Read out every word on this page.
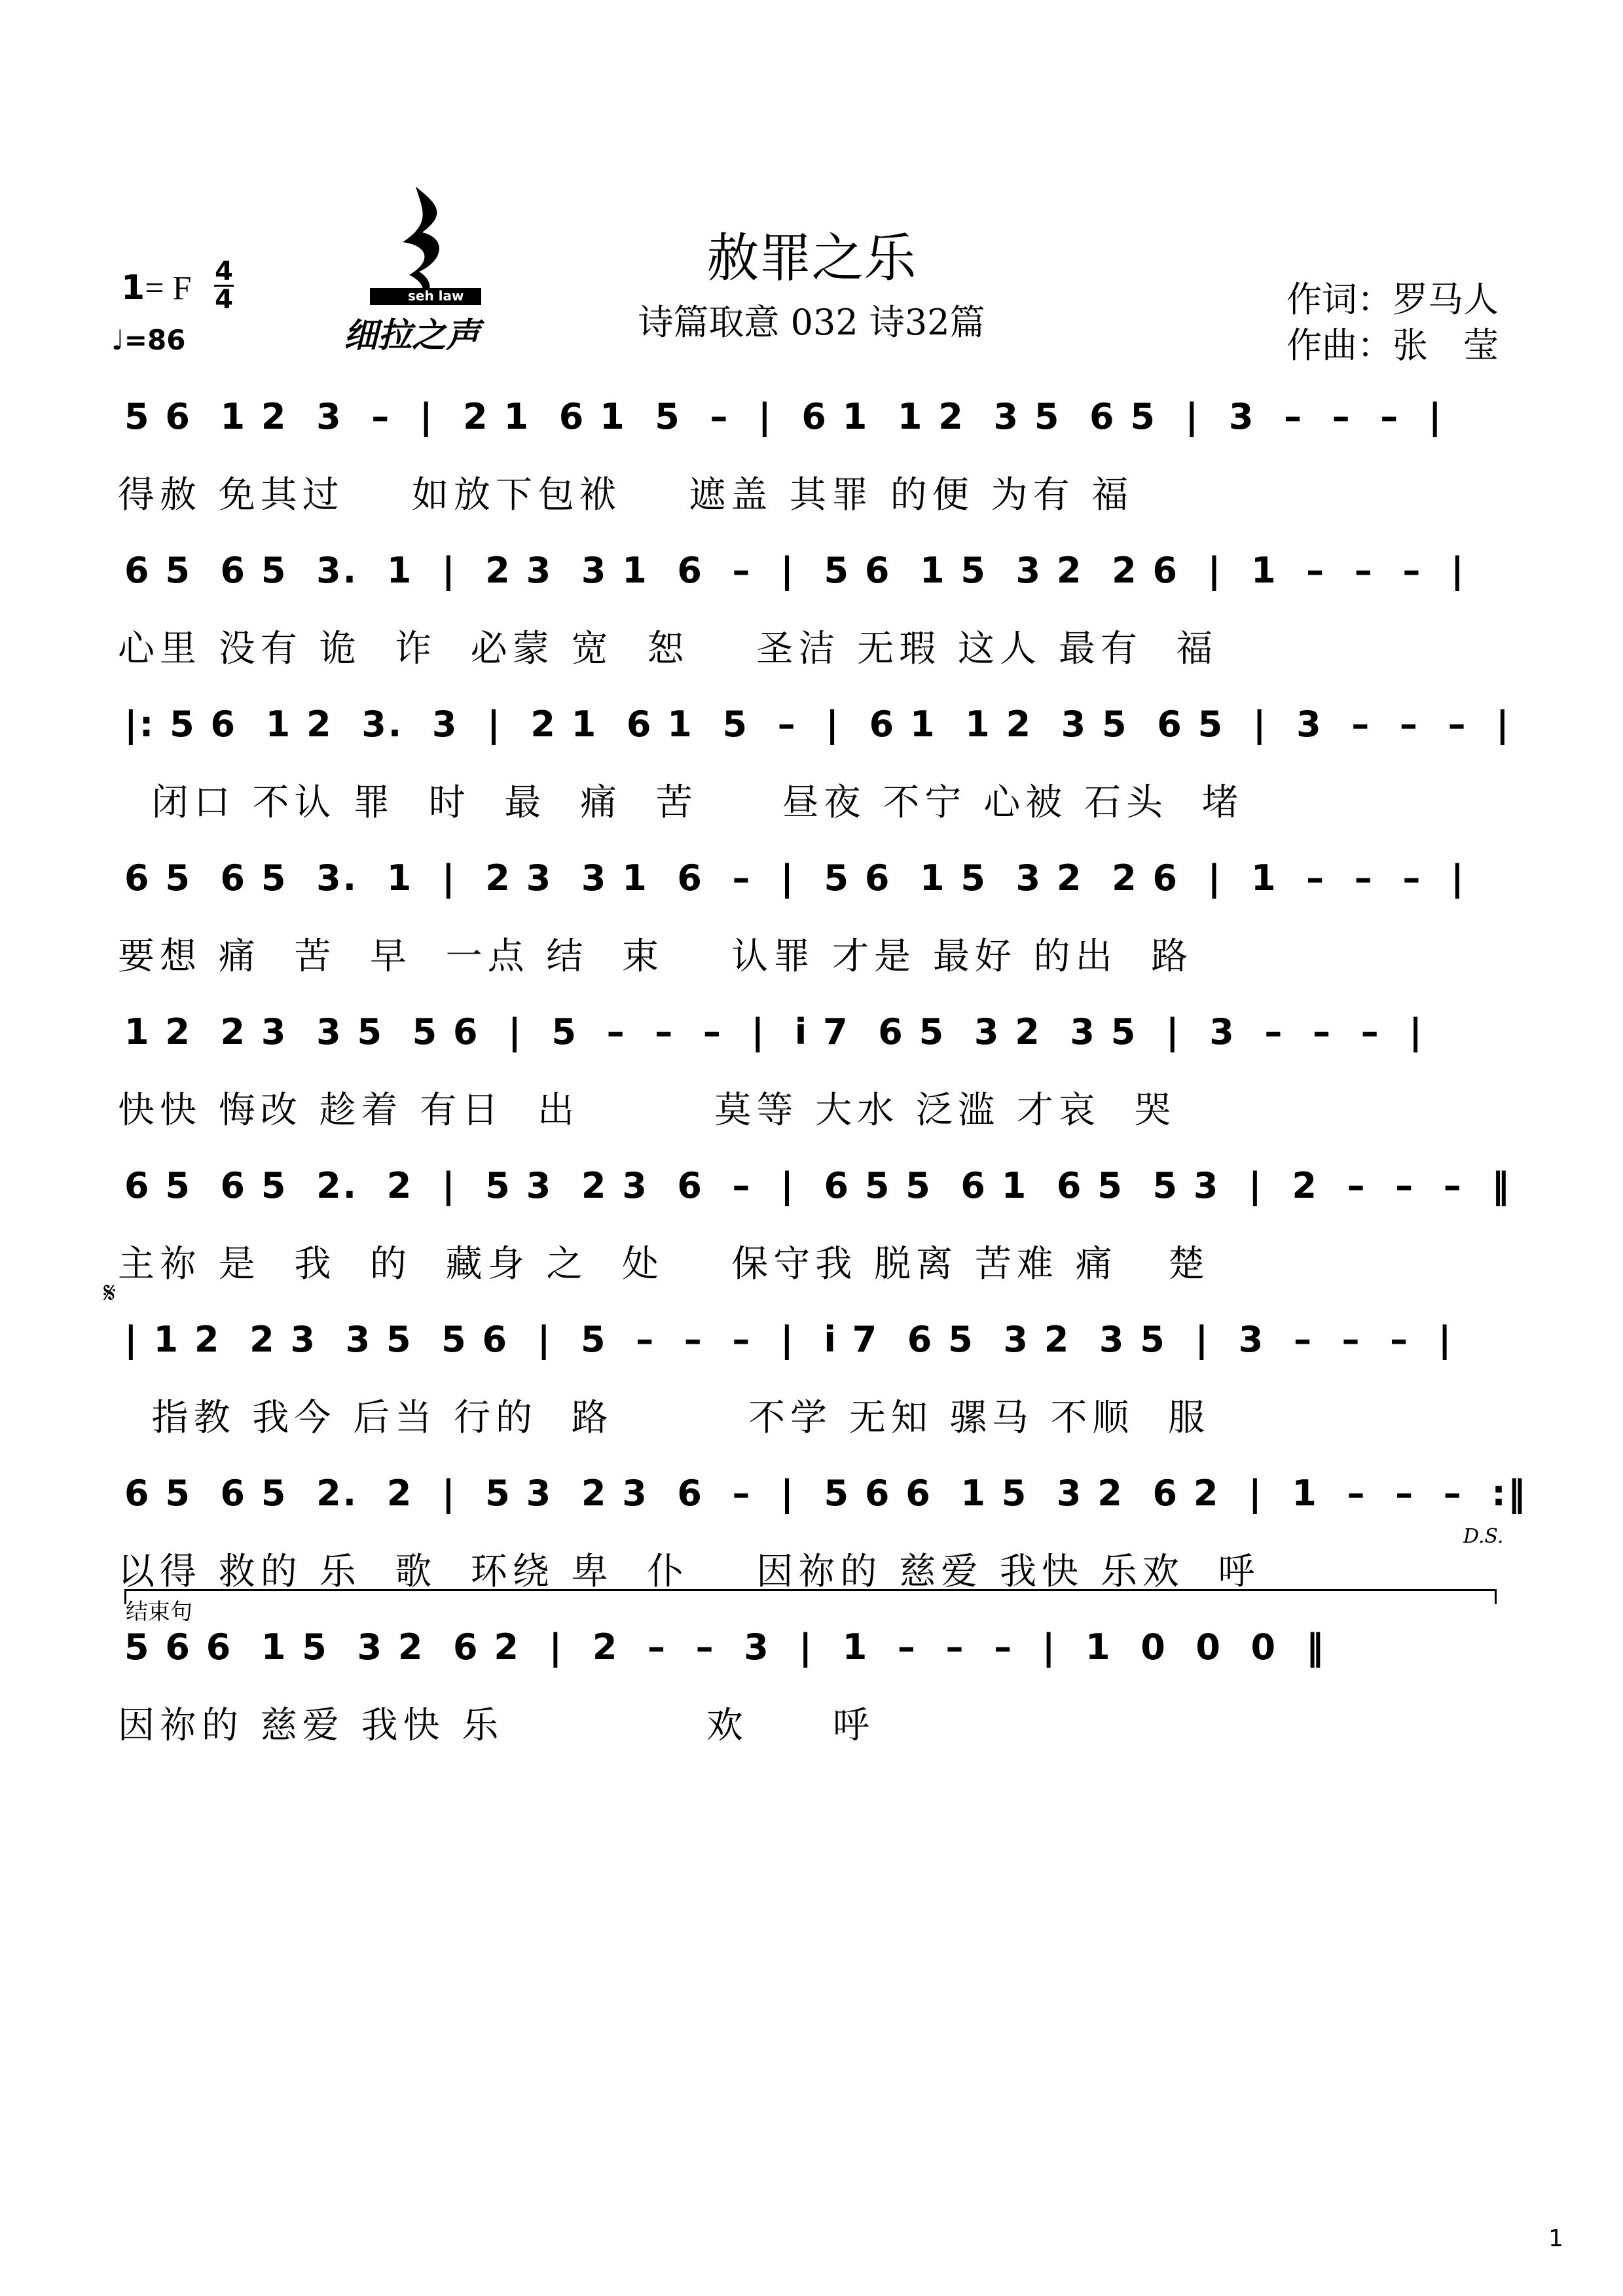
赦罪之乐
诗篇取意 032 诗32篇
作词：罗马人
作曲：张　莹
1= F 4
4
♩=86
seh law
细拉之声
5 6  1 2  3  –  |  2 1  6 1  5  –  |  6 1  1 2  3 5  6 5  |  3  –  –  –  |
得赦 免其过    如放下包袱    遮盖 其罪 的便 为有 福
6 5  6 5  3.  1  |  2 3  3 1  6  –  |  5 6  1 5  3 2  2 6  |  1  –  –  –  |
心里 没有 诡  诈  必蒙 宽  恕    圣洁 无瑕 这人 最有  福
|: 5 6  1 2  3.  3  |  2 1  6 1  5  –  |  6 1  1 2  3 5  6 5  |  3  –  –  –  |
闭口 不认 罪  时  最  痛  苦     昼夜 不宁 心被 石头  堵
6 5  6 5  3.  1  |  2 3  3 1  6  –  |  5 6  1 5  3 2  2 6  |  1  –  –  –  |
要想 痛  苦  早  一点 结  束    认罪 才是 最好 的出  路
1 2  2 3  3 5  5 6  |  5  –  –  –  |  i 7  6 5  3 2  3 5  |  3  –  –  –  |
快快 悔改 趁着 有日  出        莫等 大水 泛滥 才哀  哭
6 5  6 5  2.  2  |  5 3  2 3  6  –  |  6 5 5  6 1  6 5  5 3  |  2  –  –  –  ‖
主祢 是  我  的  藏身 之  处    保守我 脱离 苦难 痛   楚
𝄋
| 1 2  2 3  3 5  5 6  |  5  –  –  –  |  i 7  6 5  3 2  3 5  |  3  –  –  –  |
指教 我今 后当 行的  路        不学 无知 骡马 不顺  服
6 5  6 5  2.  2  |  5 3  2 3  6  –  |  5 6 6  1 5  3 2  6 2  |  1  –  –  –  :‖
以得 救的 乐  歌  环绕 卑  仆    因祢的 慈爱 我快 乐欢  呼
D.S.
结束句
5 6 6  1 5  3 2  6 2  |  2  –  –  3  |  1  –  –  –  |  1  0  0  0  ‖
因祢的 慈爱 我快 乐            欢     呼
1
